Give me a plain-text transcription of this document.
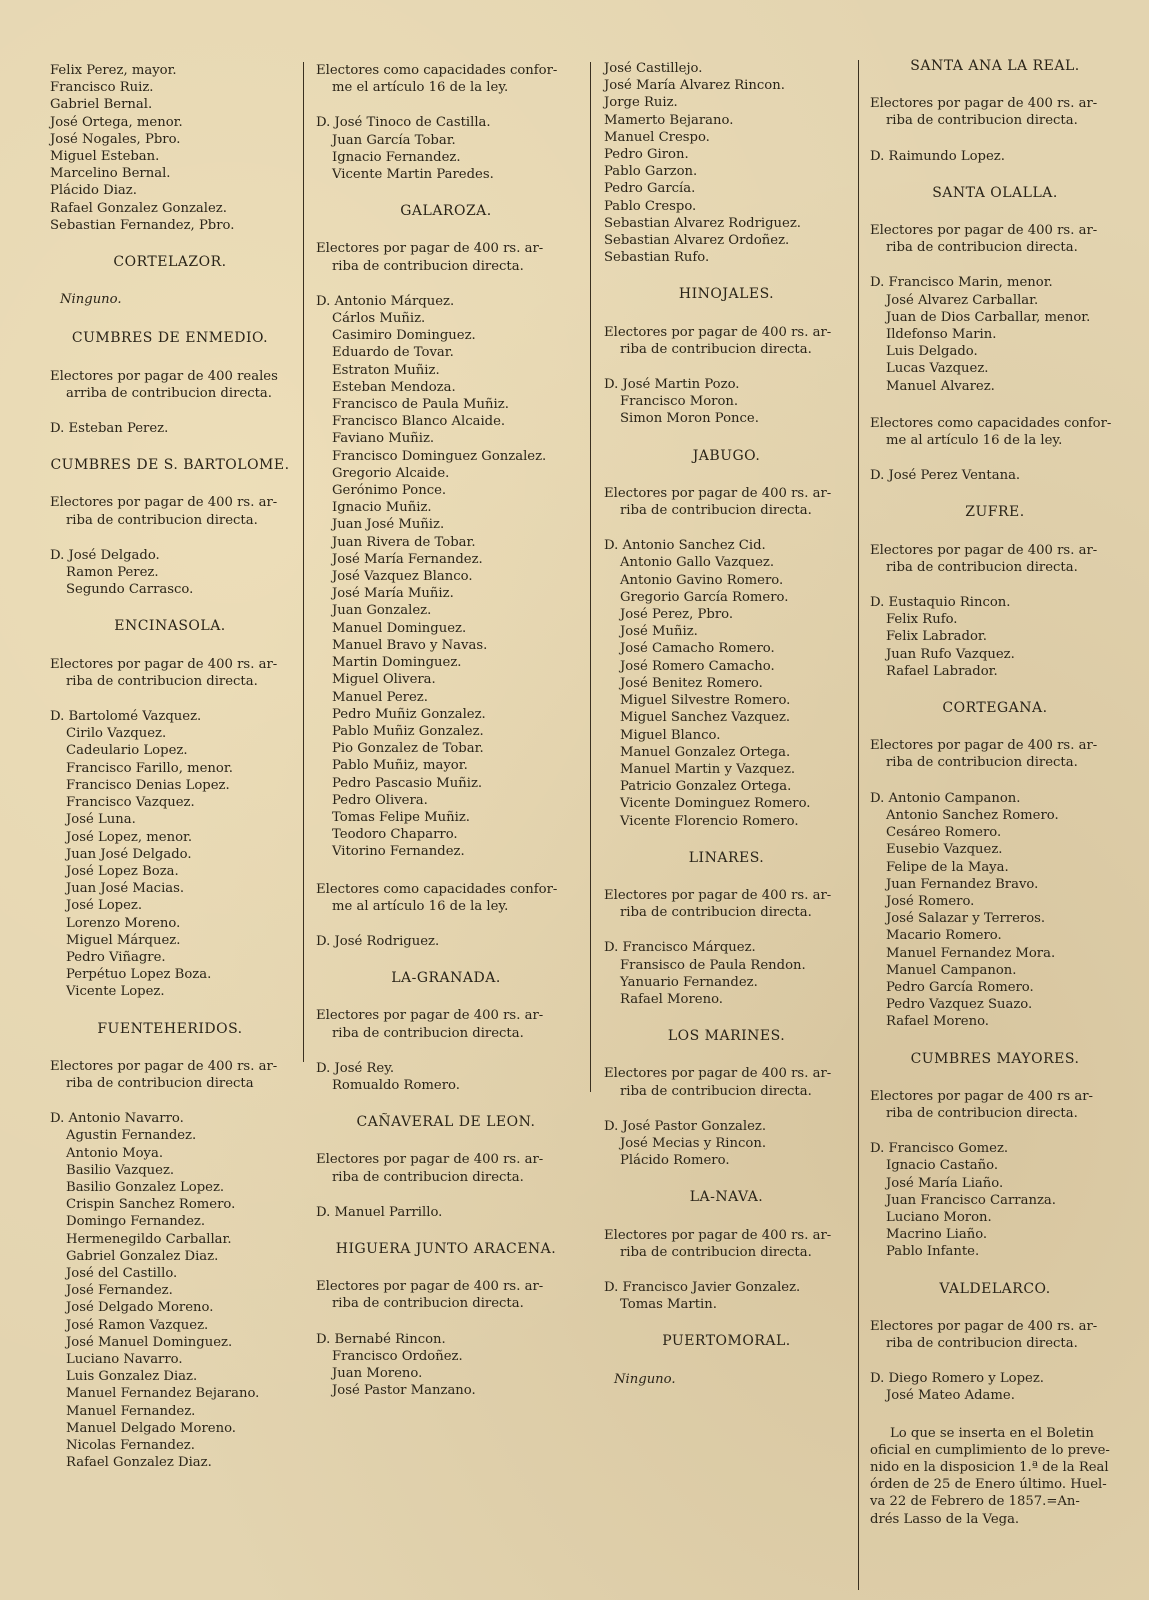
Felix Perez, mayor.
Francisco Ruiz.
Gabriel Bernal.
José Ortega, menor.
José Nogales, Pbro.
Miguel Esteban.
Marcelino Bernal.
Plácido Diaz.
Rafael Gonzalez Gonzalez.
Sebastian Fernandez, Pbro.
CORTELAZOR.
Ninguno.
CUMBRES DE ENMEDIO.
Electores por pagar de 400 reales
arriba de contribucion directa.
D. Esteban Perez.
CUMBRES DE S. BARTOLOME.
Electores por pagar de 400 rs. ar-
riba de contribucion directa.
D. José Delgado.
Ramon Perez.
Segundo Carrasco.
ENCINASOLA.
Electores por pagar de 400 rs. ar-
riba de contribucion directa.
D. Bartolomé Vazquez.
Cirilo Vazquez.
Cadeulario Lopez.
Francisco Farillo, menor.
Francisco Denias Lopez.
Francisco Vazquez.
José Luna.
José Lopez, menor.
Juan José Delgado.
José Lopez Boza.
Juan José Macias.
José Lopez.
Lorenzo Moreno.
Miguel Márquez.
Pedro Viñagre.
Perpétuo Lopez Boza.
Vicente Lopez.
FUENTEHERIDOS.
Electores por pagar de 400 rs. ar-
riba de contribucion directa
D. Antonio Navarro.
Agustin Fernandez.
Antonio Moya.
Basilio Vazquez.
Basilio Gonzalez Lopez.
Crispin Sanchez Romero.
Domingo Fernandez.
Hermenegildo Carballar.
Gabriel Gonzalez Diaz.
José del Castillo.
José Fernandez.
José Delgado Moreno.
José Ramon Vazquez.
José Manuel Dominguez.
Luciano Navarro.
Luis Gonzalez Diaz.
Manuel Fernandez Bejarano.
Manuel Fernandez.
Manuel Delgado Moreno.
Nicolas Fernandez.
Rafael Gonzalez Diaz.
Electores como capacidades confor-
me el artículo 16 de la ley.
D. José Tinoco de Castilla.
Juan García Tobar.
Ignacio Fernandez.
Vicente Martin Paredes.
GALAROZA.
Electores por pagar de 400 rs. ar-
riba de contribucion directa.
D. Antonio Márquez.
Cárlos Muñiz.
Casimiro Dominguez.
Eduardo de Tovar.
Estraton Muñiz.
Esteban Mendoza.
Francisco de Paula Muñiz.
Francisco Blanco Alcaide.
Faviano Muñiz.
Francisco Dominguez Gonzalez.
Gregorio Alcaide.
Gerónimo Ponce.
Ignacio Muñiz.
Juan José Muñiz.
Juan Rivera de Tobar.
José María Fernandez.
José Vazquez Blanco.
José María Muñiz.
Juan Gonzalez.
Manuel Dominguez.
Manuel Bravo y Navas.
Martin Dominguez.
Miguel Olivera.
Manuel Perez.
Pedro Muñiz Gonzalez.
Pablo Muñiz Gonzalez.
Pio Gonzalez de Tobar.
Pablo Muñiz, mayor.
Pedro Pascasio Muñiz.
Pedro Olivera.
Tomas Felipe Muñiz.
Teodoro Chaparro.
Vitorino Fernandez.
Electores como capacidades confor-
me al artículo 16 de la ley.
D. José Rodriguez.
LA-GRANADA.
Electores por pagar de 400 rs. ar-
riba de contribucion directa.
D. José Rey.
Romualdo Romero.
CAÑAVERAL DE LEON.
Electores por pagar de 400 rs. ar-
riba de contribucion directa.
D. Manuel Parrillo.
HIGUERA JUNTO ARACENA.
Electores por pagar de 400 rs. ar-
riba de contribucion directa.
D. Bernabé Rincon.
Francisco Ordoñez.
Juan Moreno.
José Pastor Manzano.
José Castillejo.
José María Alvarez Rincon.
Jorge Ruiz.
Mamerto Bejarano.
Manuel Crespo.
Pedro Giron.
Pablo Garzon.
Pedro García.
Pablo Crespo.
Sebastian Alvarez Rodriguez.
Sebastian Alvarez Ordoñez.
Sebastian Rufo.
HINOJALES.
Electores por pagar de 400 rs. ar-
riba de contribucion directa.
D. José Martin Pozo.
Francisco Moron.
Simon Moron Ponce.
JABUGO.
Electores por pagar de 400 rs. ar-
riba de contribucion directa.
D. Antonio Sanchez Cid.
Antonio Gallo Vazquez.
Antonio Gavino Romero.
Gregorio García Romero.
José Perez, Pbro.
José Muñiz.
José Camacho Romero.
José Romero Camacho.
José Benitez Romero.
Miguel Silvestre Romero.
Miguel Sanchez Vazquez.
Miguel Blanco.
Manuel Gonzalez Ortega.
Manuel Martin y Vazquez.
Patricio Gonzalez Ortega.
Vicente Dominguez Romero.
Vicente Florencio Romero.
LINARES.
Electores por pagar de 400 rs. ar-
riba de contribucion directa.
D. Francisco Márquez.
Fransisco de Paula Rendon.
Yanuario Fernandez.
Rafael Moreno.
LOS MARINES.
Electores por pagar de 400 rs. ar-
riba de contribucion directa.
D. José Pastor Gonzalez.
José Mecias y Rincon.
Plácido Romero.
LA-NAVA.
Electores por pagar de 400 rs. ar-
riba de contribucion directa.
D. Francisco Javier Gonzalez.
Tomas Martin.
PUERTOMORAL.
Ninguno.
SANTA ANA LA REAL.
Electores por pagar de 400 rs. ar-
riba de contribucion directa.
D. Raimundo Lopez.
SANTA OLALLA.
Electores por pagar de 400 rs. ar-
riba de contribucion directa.
D. Francisco Marin, menor.
José Alvarez Carballar.
Juan de Dios Carballar, menor.
Ildefonso Marin.
Luis Delgado.
Lucas Vazquez.
Manuel Alvarez.
Electores como capacidades confor-
me al artículo 16 de la ley.
D. José Perez Ventana.
ZUFRE.
Electores por pagar de 400 rs. ar-
riba de contribucion directa.
D. Eustaquio Rincon.
Felix Rufo.
Felix Labrador.
Juan Rufo Vazquez.
Rafael Labrador.
CORTEGANA.
Electores por pagar de 400 rs. ar-
riba de contribucion directa.
D. Antonio Campanon.
Antonio Sanchez Romero.
Cesáreo Romero.
Eusebio Vazquez.
Felipe de la Maya.
Juan Fernandez Bravo.
José Romero.
José Salazar y Terreros.
Macario Romero.
Manuel Fernandez Mora.
Manuel Campanon.
Pedro García Romero.
Pedro Vazquez Suazo.
Rafael Moreno.
CUMBRES MAYORES.
Electores por pagar de 400 rs ar-
riba de contribucion directa.
D. Francisco Gomez.
Ignacio Castaño.
José María Liaño.
Juan Francisco Carranza.
Luciano Moron.
Macrino Liaño.
Pablo Infante.
VALDELARCO.
Electores por pagar de 400 rs. ar-
riba de contribucion directa.
D. Diego Romero y Lopez.
José Mateo Adame.
Lo que se inserta en el Boletin
oficial en cumplimiento de lo preve-
nido en la disposicion 1.ª de la Real
órden de 25 de Enero último. Huel-
va 22 de Febrero de 1857.=An-
drés Lasso de la Vega.
